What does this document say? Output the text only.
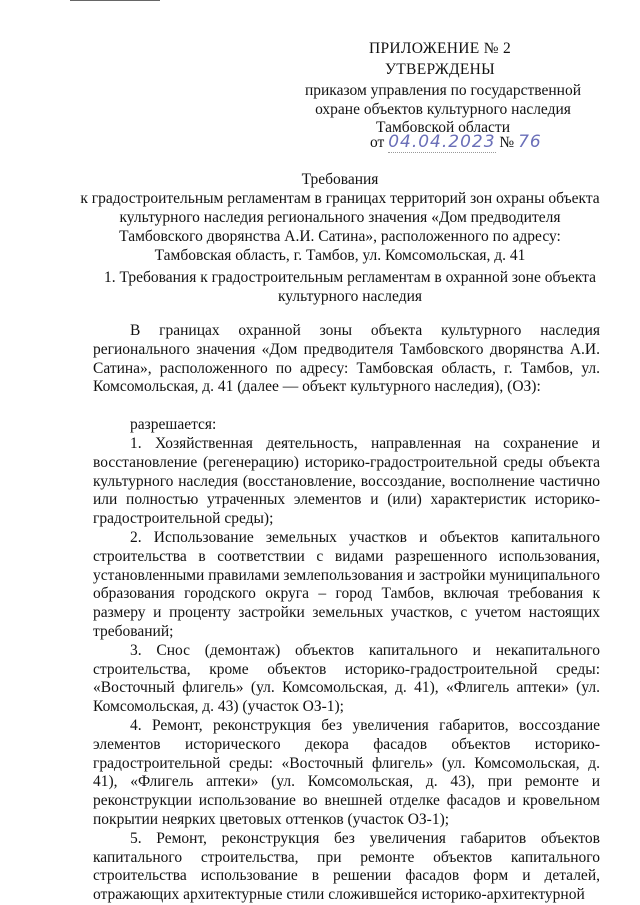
ПРИЛОЖЕНИЕ № 2
УТВЕРЖДЕНЫ
приказом управления по государственной охране объектов культурного наследия Тамбовской области
от 04.04.2023 № 76
Требования
к градостроительным регламентам в границах территорий зон охраны объекта культурного наследия регионального значения «Дом предводителя Тамбовского дворянства А.И. Сатина», расположенного по адресу: Тамбовская область, г. Тамбов, ул. Комсомольская, д. 41
1. Требования к градостроительным регламентам в охранной зоне объекта культурного наследия

В границах охранной зоны объекта культурного наследия регионального значения «Дом предводителя Тамбовского дворянства А.И. Сатина», расположенного по адресу: Тамбовская область, г. Тамбов, ул. Комсомольская, д. 41 (далее — объект культурного наследия), (ОЗ):

разрешается:

1. Хозяйственная деятельность, направленная на сохранение и восстановление (регенерацию) историко-градостроительной среды объекта культурного наследия (восстановление, воссоздание, восполнение частично или полностью утраченных элементов и (или) характеристик историко-градостроительной среды);

2. Использование земельных участков и объектов капитального строительства в соответствии с видами разрешенного использования, установленными правилами землепользования и застройки муниципального образования городского округа – город Тамбов, включая требования к размеру и проценту застройки земельных участков, с учетом настоящих требований;

3. Снос (демонтаж) объектов капитального и некапитального строительства, кроме объектов историко-градостроительной среды: «Восточный флигель» (ул. Комсомольская, д. 41), «Флигель аптеки» (ул. Комсомольская, д. 43) (участок ОЗ-1);

4. Ремонт, реконструкция без увеличения габаритов, воссоздание элементов исторического декора фасадов объектов историко-градостроительной среды: «Восточный флигель» (ул. Комсомольская, д. 41), «Флигель аптеки» (ул. Комсомольская, д. 43), при ремонте и реконструкции использование во внешней отделке фасадов и кровельном покрытии неярких цветовых оттенков (участок ОЗ-1);

5. Ремонт, реконструкция без увеличения габаритов объектов капитального строительства, при ремонте объектов капитального строительства использование в решении фасадов форм и деталей, отражающих архитектурные стили сложившейся историко-архитектурной
